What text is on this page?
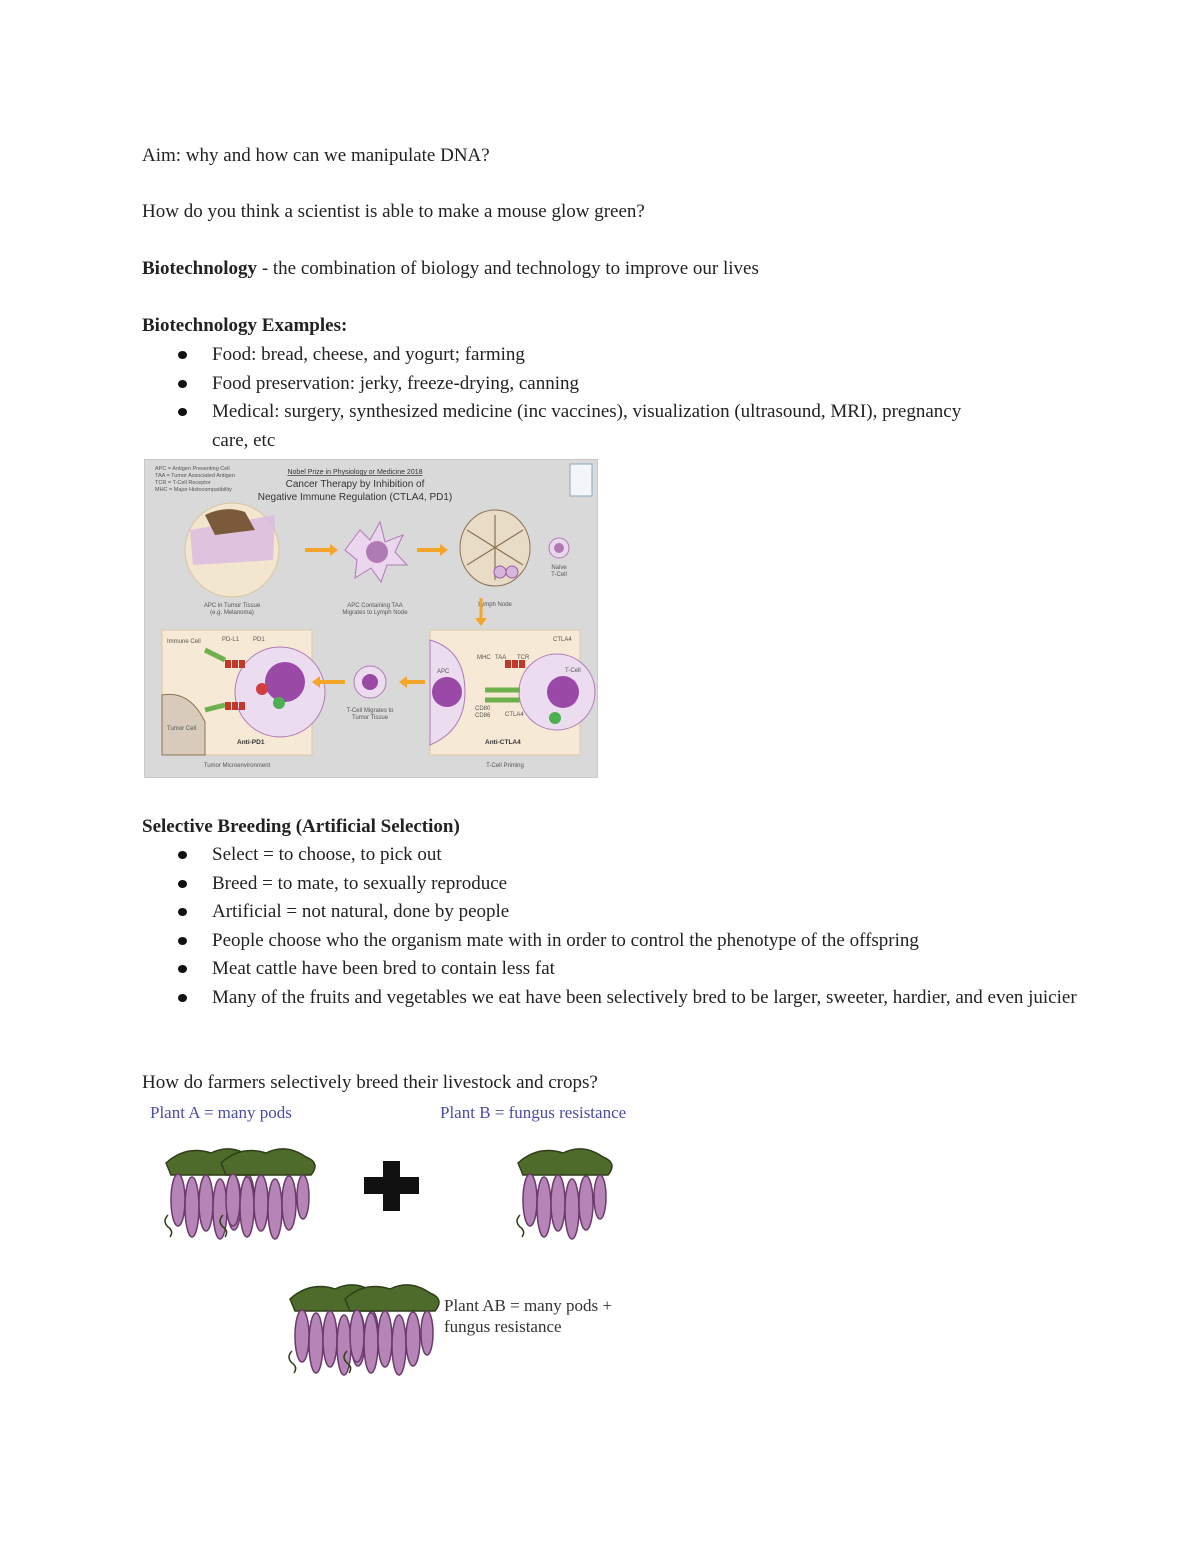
Aim: why and how can we manipulate DNA?
How do you think a scientist is able to make a mouse glow green?
Biotechnology - the combination of biology and technology to improve our lives
Biotechnology Examples:
Food: bread, cheese, and yogurt; farming
Food preservation: jerky, freeze-drying, canning
Medical: surgery, synthesized medicine (inc vaccines), visualization (ultrasound, MRI), pregnancy care, etc
APC = Antigen Presenting Cell
TAA = Tumor Associated Antigen
TCR = T-Cell Receptor
MHC = Major Histocompatibility
Nobel Prize in Physiology or Medicine 2018
Cancer Therapy by Inhibition of
Negative Immune Regulation (CTLA4, PD1)
APC in Tumor Tissue
(e.g. Melanoma)
APC Containing TAA
Migrates to Lymph Node
Lymph Node
Naive
T-Cell
Immune Cell
Tumor Cell
PD-L1 PD1
Anti-PD1
T-Cell Migrates to
Tumor Tissue
APC
MHC TAA TCR
CTLA4
T-Cell
CD80
CD86 CTLA4
Anti-CTLA4
Tumor Microenvironment	T-Cell Priming
Selective Breeding (Artificial Selection)
Select = to choose, to pick out
Breed = to mate, to sexually reproduce
Artificial = not natural, done by people
People choose who the organism mate with in order to control the phenotype of the offspring
Meat cattle have been bred to contain less fat
Many of the fruits and vegetables we eat have been selectively bred to be larger, sweeter, hardier, and even juicier
How do farmers selectively breed their livestock and crops?
Plant A = many pods	Plant B = fungus resistance
Plant AB = many pods +
fungus resistance
